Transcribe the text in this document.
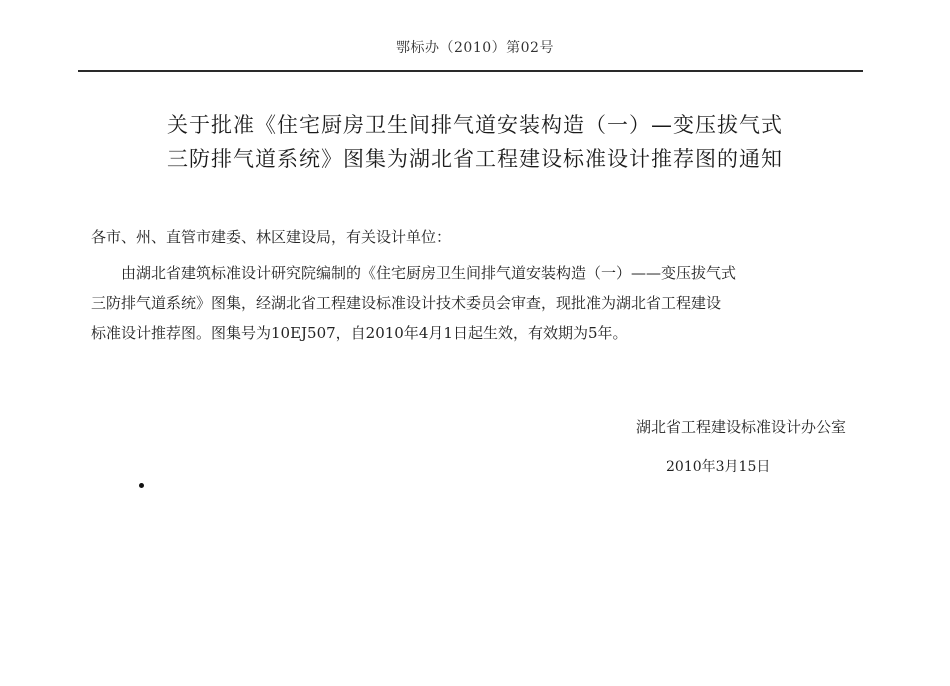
鄂标办（2010）第02号
关于批准《住宅厨房卫生间排气道安装构造（一）—变压拔气式
三防排气道系统》图集为湖北省工程建设标准设计推荐图的通知
各市、州、直管市建委、林区建设局，有关设计单位：
由湖北省建筑标准设计研究院编制的《住宅厨房卫生间排气道安装构造（一）——变压拔气式
三防排气道系统》图集，经湖北省工程建设标准设计技术委员会审查，现批准为湖北省工程建设
标准设计推荐图。图集号为10EJ507，自2010年4月1日起生效，有效期为5年。
湖北省工程建设标准设计办公室
2010年3月15日
